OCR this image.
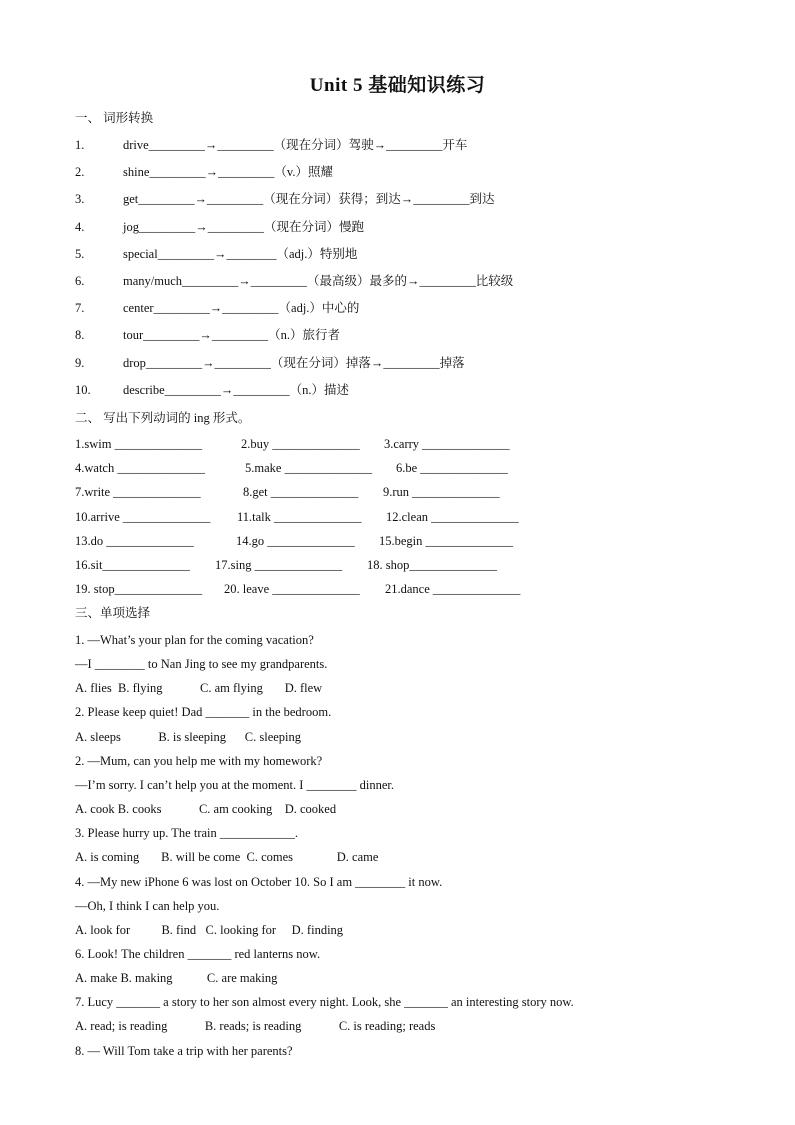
Unit 5 基础知识练习
一、 词形转换
1.	drive_________→_________（现在分词）驾驶→_________开车
2.	shine_________→_________（v.）照耀
3.	get_________→_________（现在分词）获得；到达→_________到达
4.	jog_________→_________（现在分词）慢跑
5.	special_________→________（adj.）特别地
6.	many/much_________→_________（最高级）最多的→_________比较级
7.	center_________→_________（adj.）中心的
8.	tour_________→_________（n.）旅行者
9.	drop_________→_________（现在分词）掉落→_________掉落
10.	describe_________→_________（n.）描述
二、 写出下列动词的 ing 形式。
1.swim ______________	2.buy ______________ 3.carry ______________
4.watch ______________	5.make ______________ 6.be ______________
7.write ______________	8.get ______________ 9.run ______________
10.arrive ______________ 11.talk ______________ 12.clean ______________
13.do ______________	14.go ______________ 15.begin ______________
16.sit______________ 17.sing ______________ 18. shop______________
19. stop______________ 20. leave ______________ 21.dance ______________
三、单项选择
1. —What’s your plan for the coming vacation?
—I ________ to Nan Jing to see my grandparents.
A. flies  B. flying            C. am flying       D. flew
2. Please keep quiet! Dad _______ in the bedroom.
A. sleeps            B. is sleeping      C. sleeping
2. —Mum, can you help me with my homework?
—I’m sorry. I can’t help you at the moment. I ________ dinner.
A. cook B. cooks            C. am cooking    D. cooked
3. Please hurry up. The train ____________.
A. is coming       B. will be come  C. comes              D. came
4. —My new iPhone 6 was lost on October 10. So I am ________ it now.
—Oh, I think I can help you.
A. look for          B. find   C. looking for     D. finding
6. Look! The children _______ red lanterns now.
A. make B. making           C. are making
7. Lucy _______ a story to her son almost every night. Look, she _______ an interesting story now.
A. read; is reading            B. reads; is reading            C. is reading; reads
8. — Will Tom take a trip with her parents?
